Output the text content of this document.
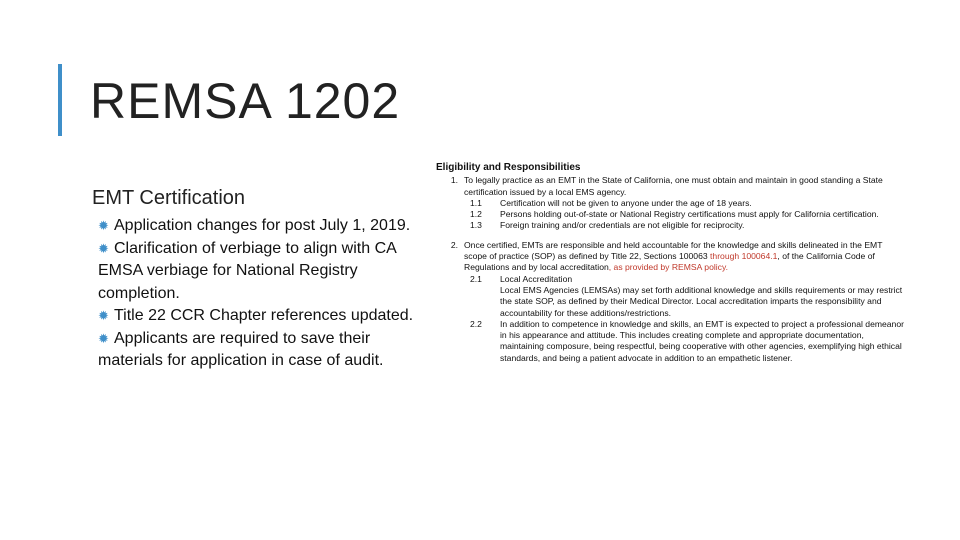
REMSA 1202
EMT Certification
✹ Application changes for post July 1, 2019.
✹ Clarification of verbiage to align with CA EMSA verbiage for National Registry completion.
✹ Title 22 CCR Chapter references updated.
✹ Applicants are required to save their materials for application in case of audit.
Eligibility and Responsibilities
1. To legally practice as an EMT in the State of California, one must obtain and maintain in good standing a State certification issued by a local EMS agency.
1.1	Certification will not be given to anyone under the age of 18 years.
1.2	Persons holding out-of-state or National Registry certifications must apply for California certification.
1.3	Foreign training and/or credentials are not eligible for reciprocity.
2. Once certified, EMTs are responsible and held accountable for the knowledge and skills delineated in the EMT scope of practice (SOP) as defined by Title 22, Sections 100063 through 100064.1, of the California Code of Regulations and by local accreditation, as provided by REMSA policy.
2.1	Local Accreditation
Local EMS Agencies (LEMSAs) may set forth additional knowledge and skills requirements or may restrict the state SOP, as defined by their Medical Director. Local accreditation imparts the responsibility and accountability for these additions/restrictions.
2.2	In addition to competence in knowledge and skills, an EMT is expected to project a professional demeanor in his appearance and attitude. This includes creating complete and appropriate documentation, maintaining composure, being respectful, being cooperative with other agencies, exemplifying high ethical standards, and being a patient advocate in addition to an empathetic listener.
